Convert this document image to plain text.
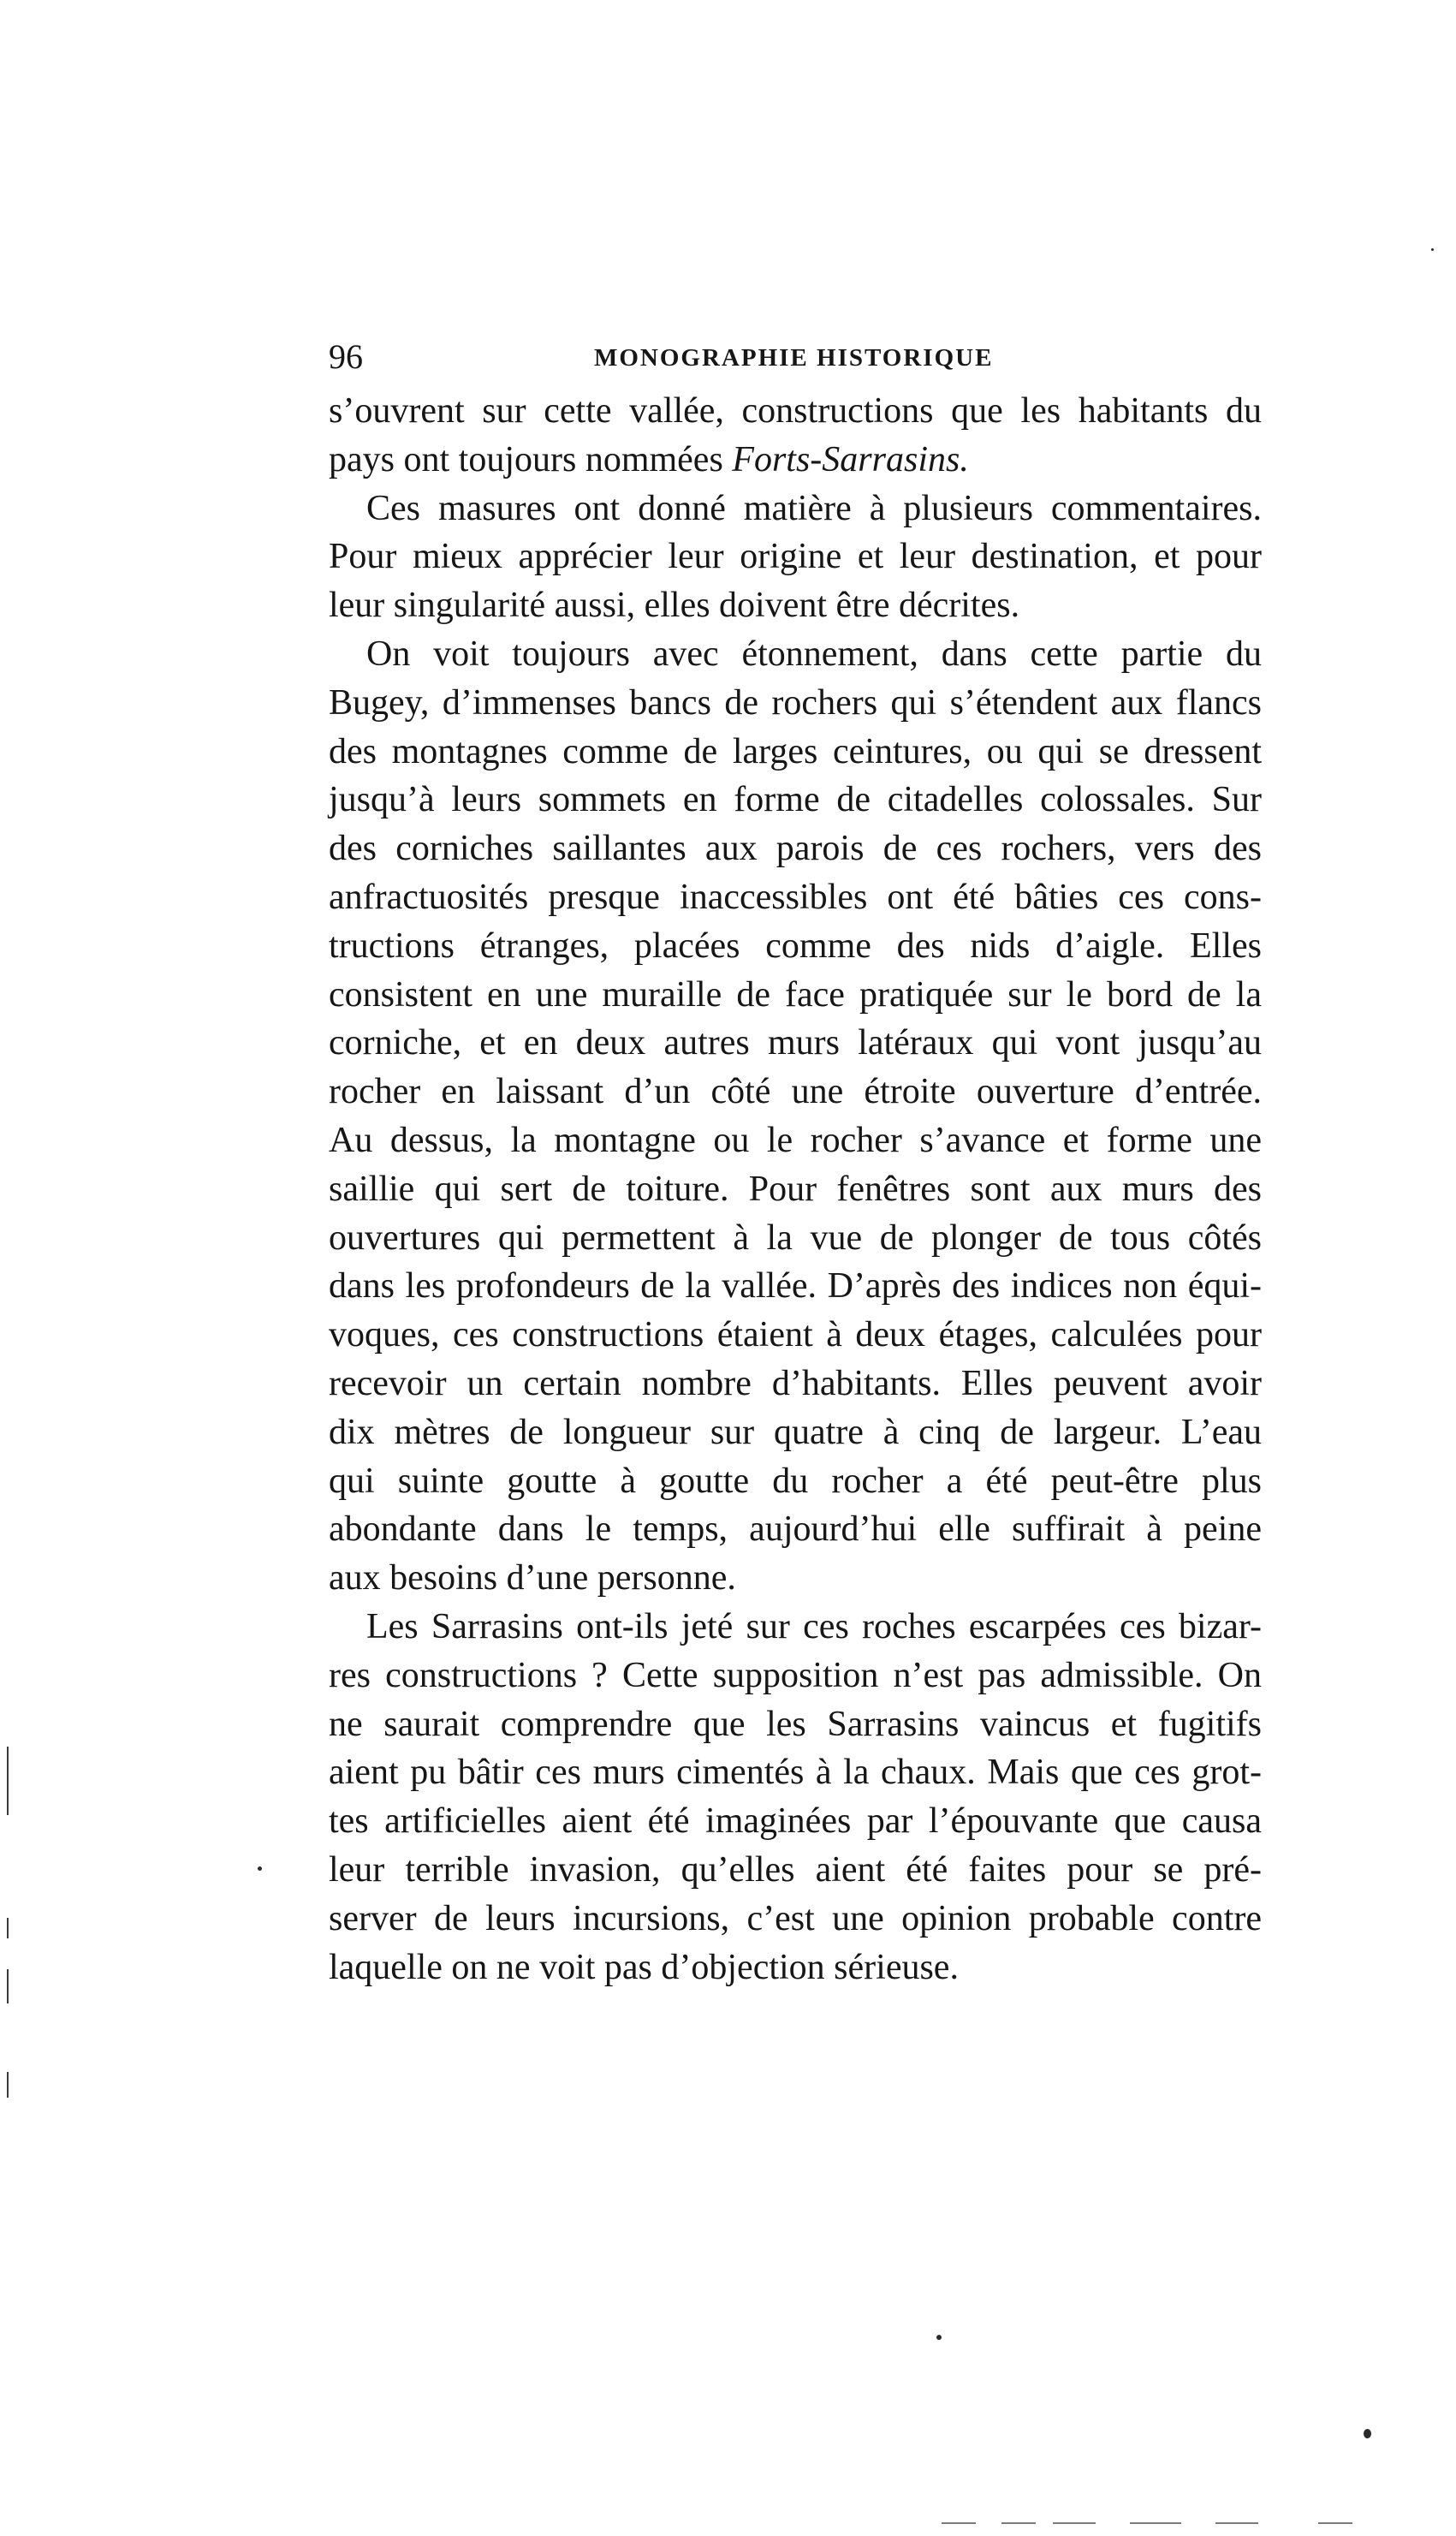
96	MONOGRAPHIE HISTORIQUE

s’ouvrent sur cette vallée, constructions que les habitants du
pays ont toujours nommées Forts-Sarrasins.

Ces masures ont donné matière à plusieurs commentaires.
Pour mieux apprécier leur origine et leur destination, et pour
leur singularité aussi, elles doivent être décrites.

On voit toujours avec étonnement, dans cette partie du
Bugey, d’immenses bancs de rochers qui s’étendent aux flancs
des montagnes comme de larges ceintures, ou qui se dressent
jusqu’à leurs sommets en forme de citadelles colossales. Sur
des corniches saillantes aux parois de ces rochers, vers des
anfractuosités presque inaccessibles ont été bâties ces cons-
tructions étranges, placées comme des nids d’aigle. Elles
consistent en une muraille de face pratiquée sur le bord de la
corniche, et en deux autres murs latéraux qui vont jusqu’au
rocher en laissant d’un côté une étroite ouverture d’entrée.
Au dessus, la montagne ou le rocher s’avance et forme une
saillie qui sert de toiture. Pour fenêtres sont aux murs des
ouvertures qui permettent à la vue de plonger de tous côtés
dans les profondeurs de la vallée. D’après des indices non équi-
voques, ces constructions étaient à deux étages, calculées pour
recevoir un certain nombre d’habitants. Elles peuvent avoir
dix mètres de longueur sur quatre à cinq de largeur. L’eau
qui suinte goutte à goutte du rocher a été peut-être plus
abondante dans le temps, aujourd’hui elle suffirait à peine
aux besoins d’une personne.

Les Sarrasins ont-ils jeté sur ces roches escarpées ces bizar-
res constructions ? Cette supposition n’est pas admissible. On
ne saurait comprendre que les Sarrasins vaincus et fugitifs
aient pu bâtir ces murs cimentés à la chaux. Mais que ces grot-
tes artificielles aient été imaginées par l’épouvante que causa
leur terrible invasion, qu’elles aient été faites pour se pré-
server de leurs incursions, c’est une opinion probable contre
laquelle on ne voit pas d’objection sérieuse.
